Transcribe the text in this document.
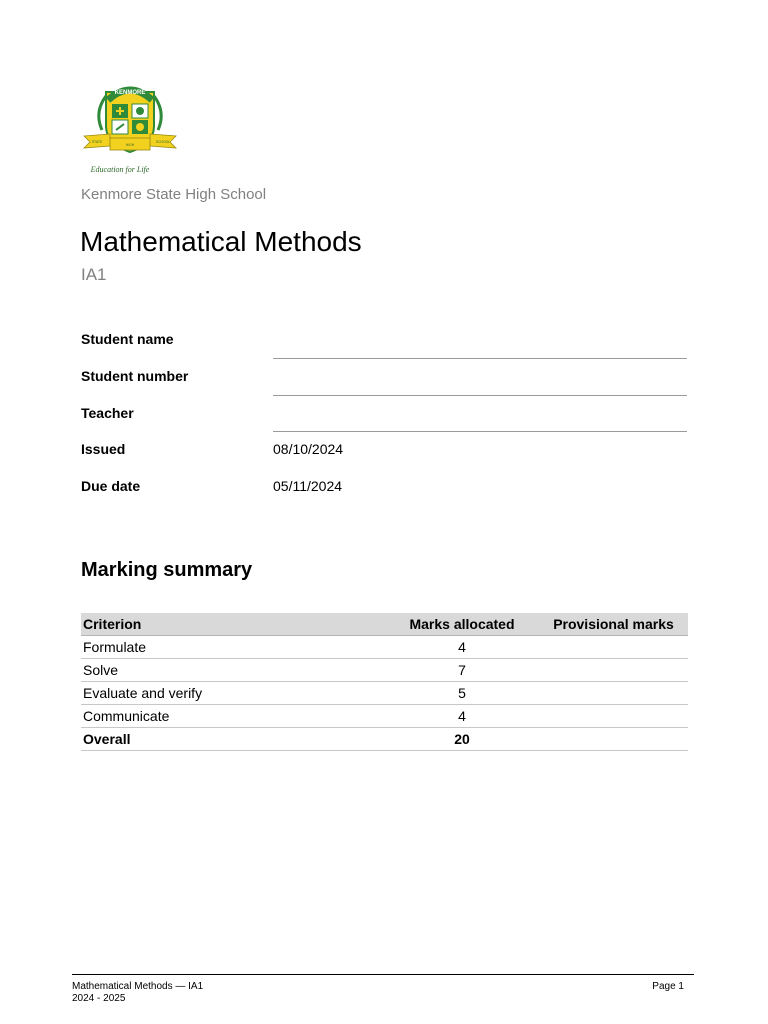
KENMORE
STATE
HIGH
SCHOOL
Education for Life
Kenmore State High School
Mathematical Methods
IA1
Student name
Student number
Teacher
Issued	08/10/2024
Due date	05/11/2024
Marking summary
Criterion	Marks allocated	Provisional marks
Formulate	4	
Solve	7	
Evaluate and verify	5	
Communicate	4	
Overall	20	
Mathematical Methods — IA1
2024 - 2025
Page 1
